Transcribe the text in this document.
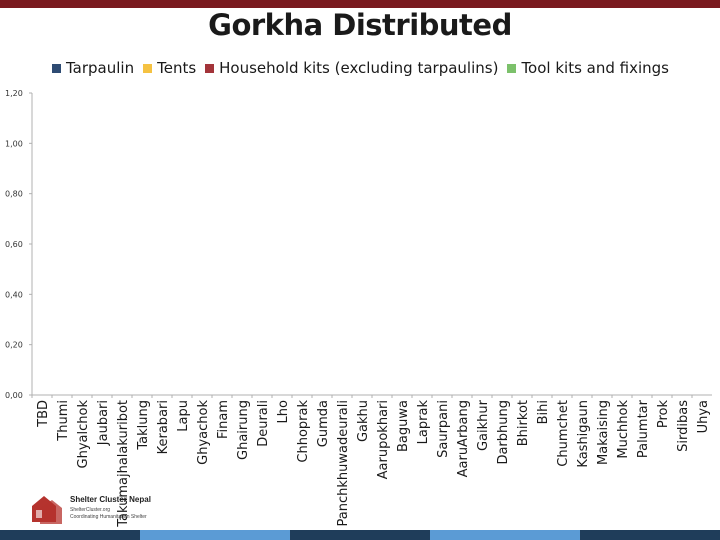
Gorkha Distributed
Tarpaulin Tents Household kits (excluding tarpaulins) Tool kits and fixings
0,00
0,20
0,40
0,60
0,80
1,00
1,20
TBD Thumi Ghyalchok Jaubari Takumajhalakuribot Taklung Kerabari Lapu Ghyachok Finam Ghairung Deurali Lho Chhoprak Gumda Panchkhuwadeurali Gakhu Aarupokhari Baguwa Laprak Saurpani AaruArbang Gaikhur Darbhung Bhirkot Bihi Chumchet Kashigaun Makaising Muchhok Palumtar Prok Sirdibas Uhya
Shelter Cluster Nepal
ShelterCluster.org
Coordinating Humanitarian Shelter
